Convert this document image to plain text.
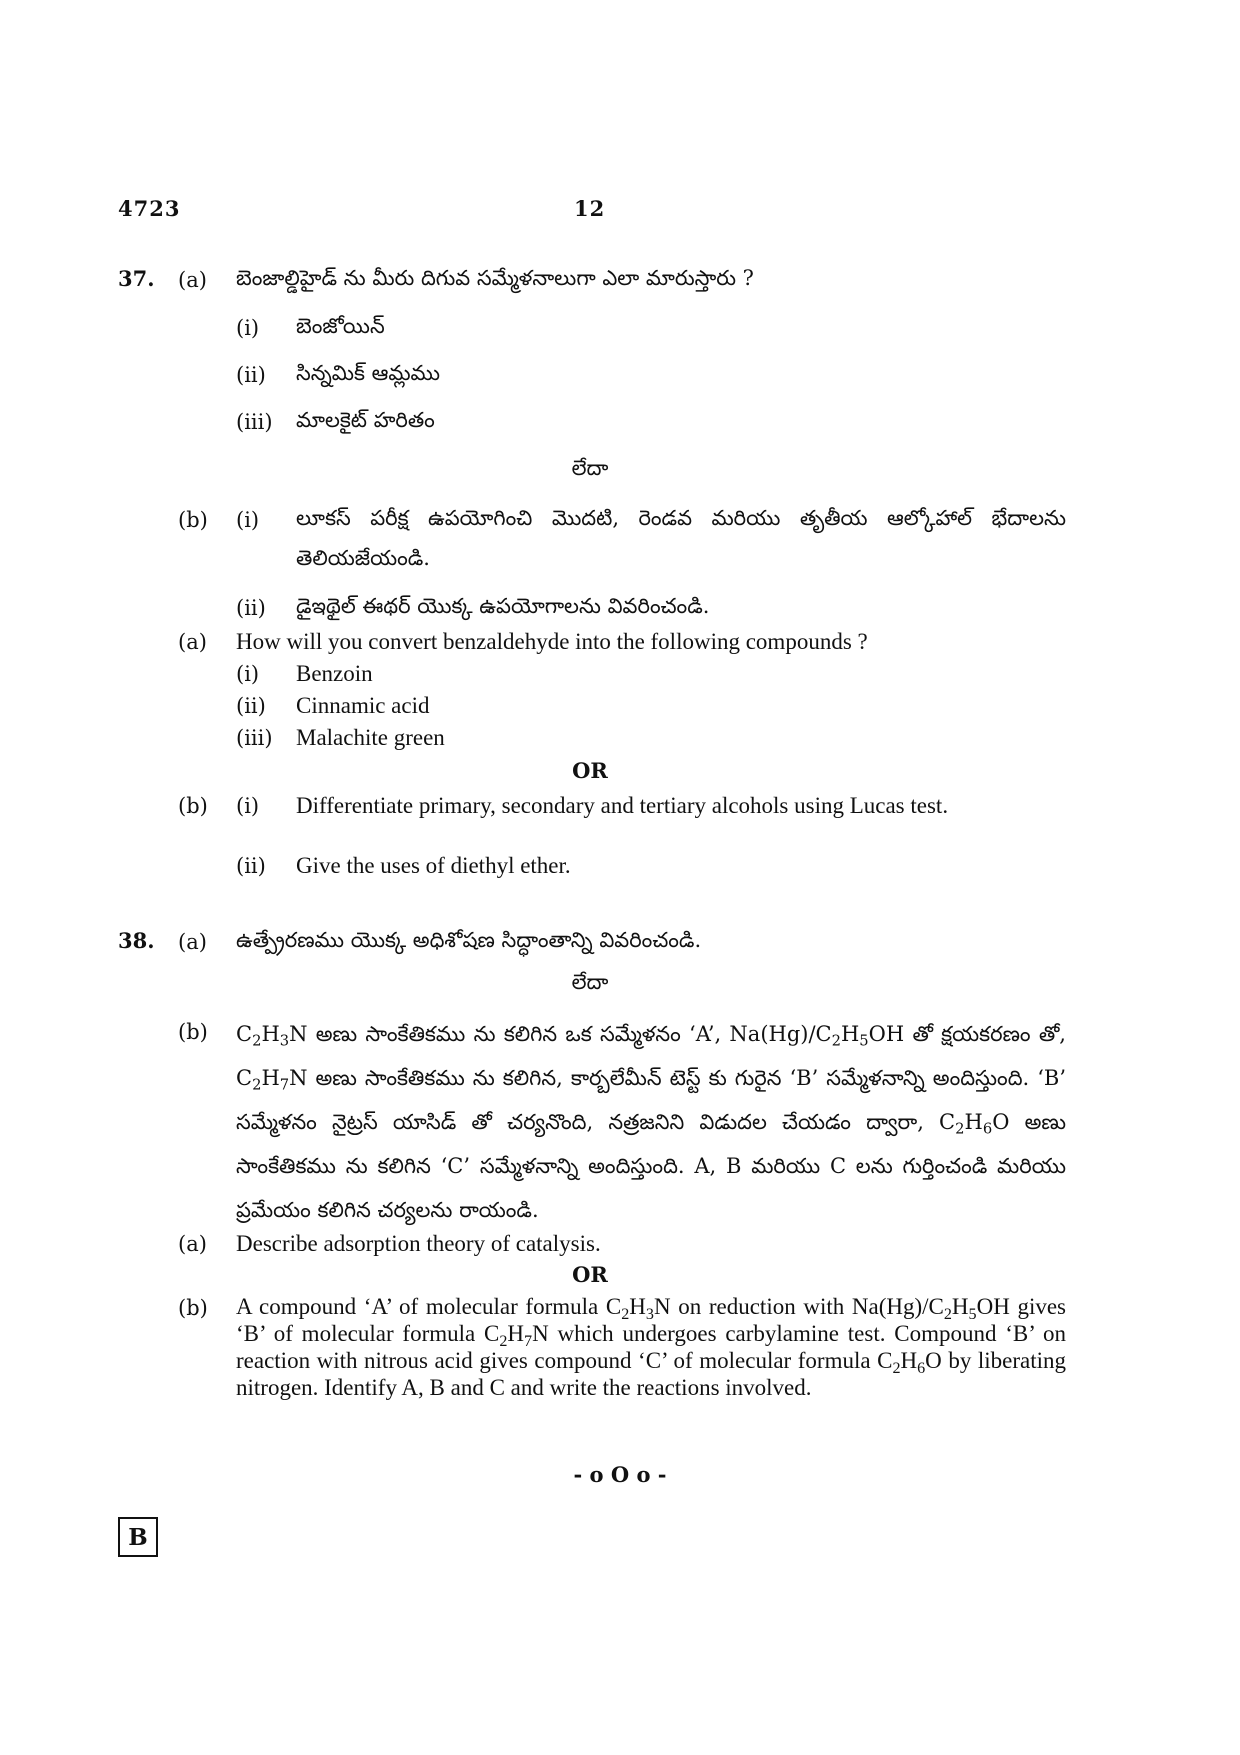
4723	12
37. (a) బెంజాల్డిహైడ్ ను మీరు దిగువ సమ్మేళనాలుగా ఎలా మారుస్తారు ?
(i) బెంజోయిన్
(ii) సిన్నమిక్ ఆమ్లము
(iii) మాలకైట్ హరితం
లేదా
(b) (i) లూకస్ పరీక్ష ఉపయోగించి మొదటి, రెండవ మరియు తృతీయ ఆల్కోహాల్ భేదాలను తెలియజేయండి.
(ii) డైఇథైల్ ఈథర్ యొక్క ఉపయోగాలను వివరించండి.
(a) How will you convert benzaldehyde into the following compounds ?
(i) Benzoin
(ii) Cinnamic acid
(iii) Malachite green
OR
(b) (i) Differentiate primary, secondary and tertiary alcohols using Lucas test.
(ii) Give the uses of diethyl ether.
38. (a) ఉత్ప్రేరణము యొక్క అధిశోషణ సిద్ధాంతాన్ని వివరించండి.
లేదా
(b) $C_2H_3N$ అణు సాంకేతికము ను కలిగిన ఒక సమ్మేళనం ‘A’, $Na(Hg)/C_2H_5OH$ తో క్షయకరణం తో, $C_2H_7N$ అణు సాంకేతికము ను కలిగిన, కార్బలేమీన్ టెస్ట్ కు గురైన ‘B’ సమ్మేళనాన్ని అందిస్తుంది. ‘B’ సమ్మేళనం నైట్రస్ యాసిడ్ తో చర్యనొంది, నత్రజనిని విడుదల చేయడం ద్వారా, $C_2H_6O$ అణు సాంకేతికము ను కలిగిన ‘C’ సమ్మేళనాన్ని అందిస్తుంది. A, B మరియు C లను గుర్తించండి మరియు ప్రమేయం కలిగిన చర్యలను రాయండి.
(a) Describe adsorption theory of catalysis.
OR
(b) A compound ‘A’ of molecular formula $C_2H_3N$ on reduction with $Na(Hg)/C_2H_5OH$ gives ‘B’ of molecular formula $C_2H_7N$ which undergoes carbylamine test. Compound ‘B’ on reaction with nitrous acid gives compound ‘C’ of molecular formula $C_2H_6O$ by liberating nitrogen. Identify A, B and C and write the reactions involved.
- o O o -
B
